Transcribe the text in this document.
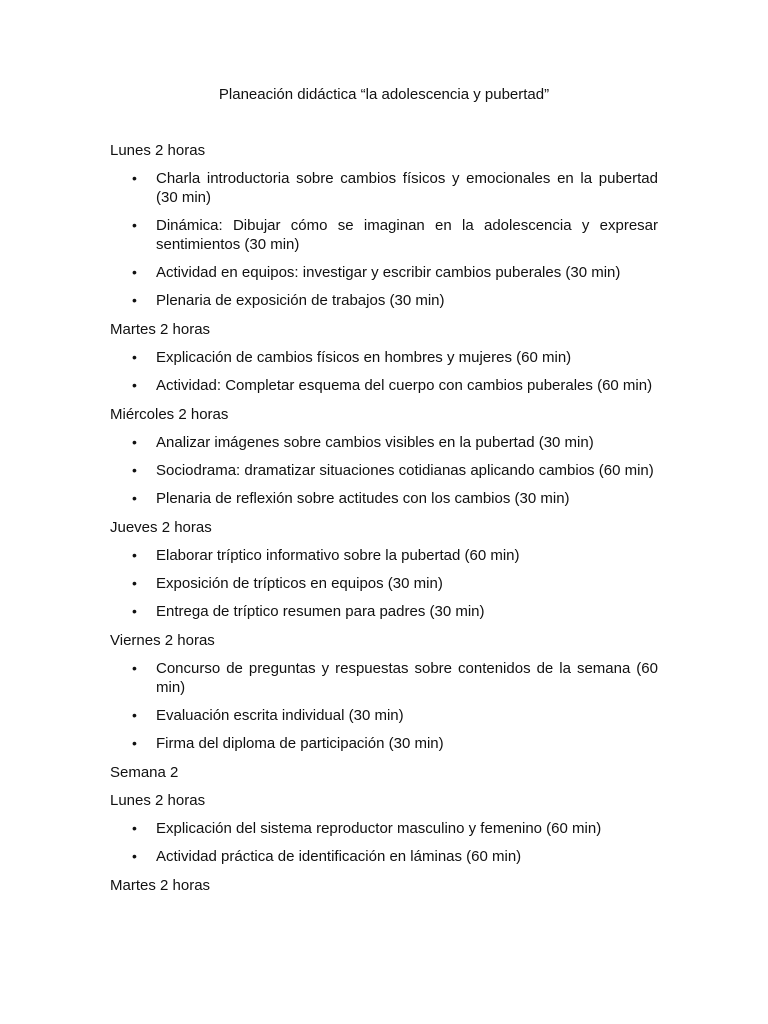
Planeación didáctica “la adolescencia y pubertad”
Lunes 2 horas
•	Charla introductoria sobre cambios físicos y emocionales en la pubertad (30 min)
•	Dinámica: Dibujar cómo se imaginan en la adolescencia y expresar sentimientos (30 min)
•	Actividad en equipos: investigar y escribir cambios puberales (30 min)
•	Plenaria de exposición de trabajos (30 min)
Martes 2 horas
•	Explicación de cambios físicos en hombres y mujeres (60 min)
•	Actividad: Completar esquema del cuerpo con cambios puberales (60 min)
Miércoles 2 horas
•	Analizar imágenes sobre cambios visibles en la pubertad (30 min)
•	Sociodrama: dramatizar situaciones cotidianas aplicando cambios (60 min)
•	Plenaria de reflexión sobre actitudes con los cambios (30 min)
Jueves 2 horas
•	Elaborar tríptico informativo sobre la pubertad (60 min)
•	Exposición de trípticos en equipos (30 min)
•	Entrega de tríptico resumen para padres (30 min)
Viernes 2 horas
•	Concurso de preguntas y respuestas sobre contenidos de la semana (60 min)
•	Evaluación escrita individual (30 min)
•	Firma del diploma de participación (30 min)
Semana 2
Lunes 2 horas
•	Explicación del sistema reproductor masculino y femenino (60 min)
•	Actividad práctica de identificación en láminas (60 min)
Martes 2 horas
